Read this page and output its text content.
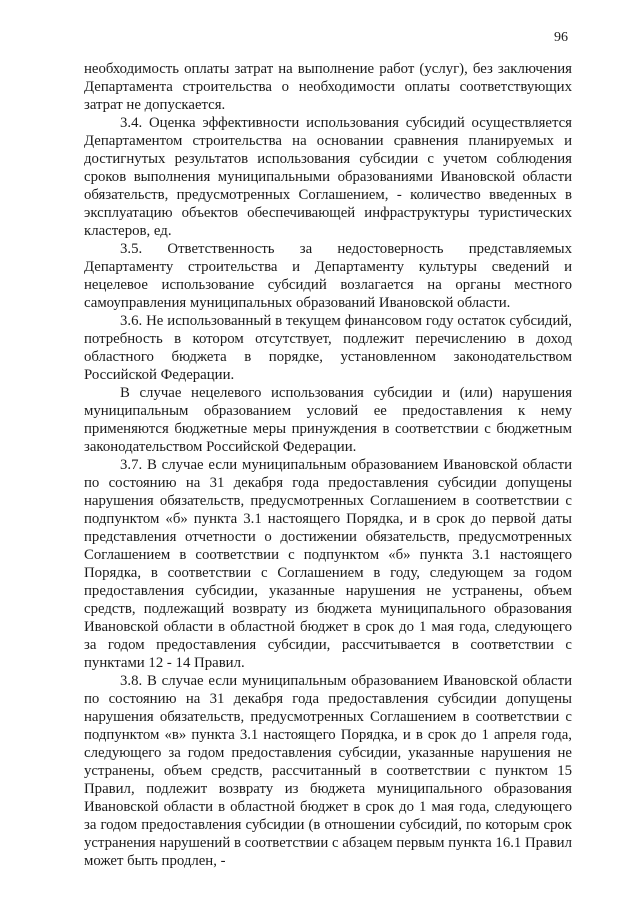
96

необходимость оплаты затрат на выполнение работ (услуг), без заключения Департамента строительства о необходимости оплаты соответствующих затрат не допускается.

3.4. Оценка эффективности использования субсидий осуществляется Департаментом строительства на основании сравнения планируемых и достигнутых результатов использования субсидии с учетом соблюдения сроков выполнения муниципальными образованиями Ивановской области обязательств, предусмотренных Соглашением, - количество введенных в эксплуатацию объектов обеспечивающей инфраструктуры туристических кластеров, ед.

3.5. Ответственность за недостоверность представляемых Департаменту строительства и Департаменту культуры сведений и нецелевое использование субсидий возлагается на органы местного самоуправления муниципальных образований Ивановской области.

3.6. Не использованный в текущем финансовом году остаток субсидий, потребность в котором отсутствует, подлежит перечислению в доход областного бюджета в порядке, установленном законодательством Российской Федерации.

В случае нецелевого использования субсидии и (или) нарушения муниципальным образованием условий ее предоставления к нему применяются бюджетные меры принуждения в соответствии с бюджетным законодательством Российской Федерации.

3.7. В случае если муниципальным образованием Ивановской области по состоянию на 31 декабря года предоставления субсидии допущены нарушения обязательств, предусмотренных Соглашением в соответствии с подпунктом «б» пункта 3.1 настоящего Порядка, и в срок до первой даты представления отчетности о достижении обязательств, предусмотренных Соглашением в соответствии с подпунктом «б» пункта 3.1 настоящего Порядка, в соответствии с Соглашением в году, следующем за годом предоставления субсидии, указанные нарушения не устранены, объем средств, подлежащий возврату из бюджета муниципального образования Ивановской области в областной бюджет в срок до 1 мая года, следующего за годом предоставления субсидии, рассчитывается в соответствии с пунктами 12 - 14 Правил.

3.8. В случае если муниципальным образованием Ивановской области по состоянию на 31 декабря года предоставления субсидии допущены нарушения обязательств, предусмотренных Соглашением в соответствии с подпунктом «в» пункта 3.1 настоящего Порядка, и в срок до 1 апреля года, следующего за годом предоставления субсидии, указанные нарушения не устранены, объем средств, рассчитанный в соответствии с пунктом 15 Правил, подлежит возврату из бюджета муниципального образования Ивановской области в областной бюджет в срок до 1 мая года, следующего за годом предоставления субсидии (в отношении субсидий, по которым срок устранения нарушений в соответствии с абзацем первым пункта 16.1 Правил может быть продлен, -
